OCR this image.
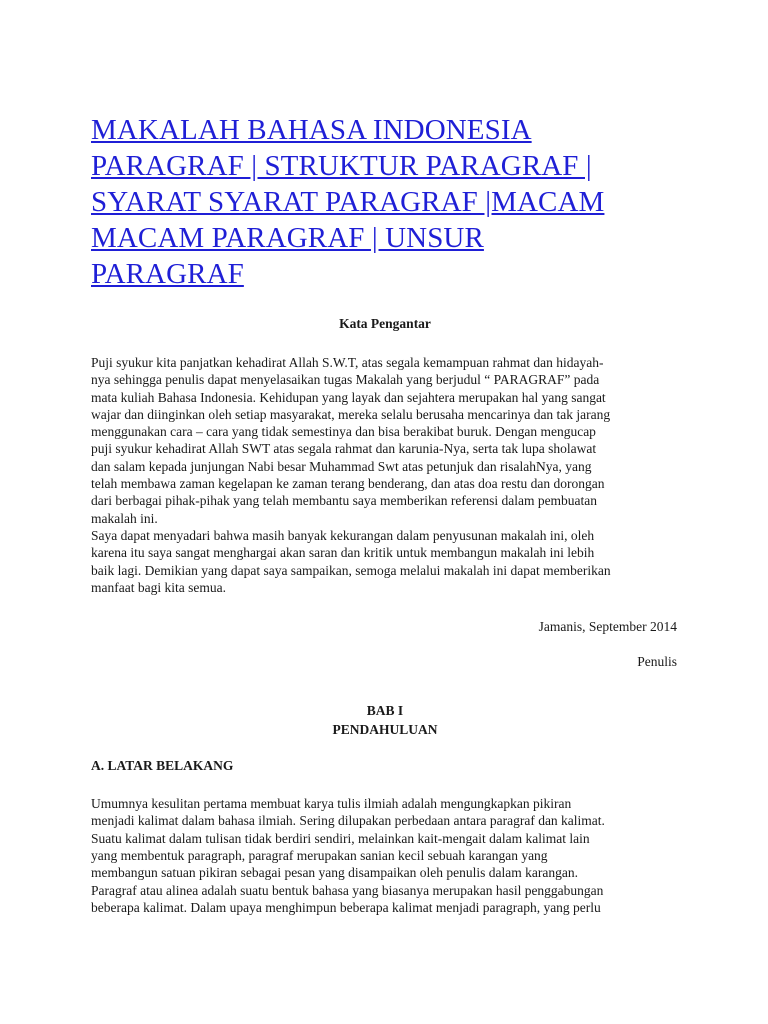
MAKALAH BAHASA INDONESIA
PARAGRAF | STRUKTUR PARAGRAF |
SYARAT SYARAT PARAGRAF |MACAM
MACAM PARAGRAF | UNSUR
PARAGRAF

Kata Pengantar

Puji syukur kita panjatkan kehadirat Allah S.W.T, atas segala kemampuan rahmat dan hidayah-
nya sehingga penulis dapat menyelasaikan tugas Makalah yang berjudul “ PARAGRAF” pada
mata kuliah Bahasa Indonesia. Kehidupan yang layak dan sejahtera merupakan hal yang sangat
wajar dan diinginkan oleh setiap masyarakat, mereka selalu berusaha mencarinya dan tak jarang
menggunakan cara – cara yang tidak semestinya dan bisa berakibat buruk. Dengan mengucap
puji syukur kehadirat Allah SWT atas segala rahmat dan karunia-Nya, serta tak lupa sholawat
dan salam kepada junjungan Nabi besar Muhammad Swt atas petunjuk dan risalahNya, yang
telah membawa zaman kegelapan ke zaman terang benderang, dan atas doa restu dan dorongan
dari berbagai pihak-pihak yang telah membantu saya memberikan referensi dalam pembuatan
makalah ini.

Saya dapat menyadari bahwa masih banyak kekurangan dalam penyusunan makalah ini, oleh
karena itu saya sangat menghargai akan saran dan kritik untuk membangun makalah ini lebih
baik lagi. Demikian yang dapat saya sampaikan, semoga melalui makalah ini dapat memberikan
manfaat bagi kita semua.

Jamanis, September 2014

Penulis

BAB I

PENDAHULUAN

A. LATAR BELAKANG

Umumnya kesulitan pertama membuat karya tulis ilmiah adalah mengungkapkan pikiran
menjadi kalimat dalam bahasa ilmiah. Sering dilupakan perbedaan antara paragraf dan kalimat.
Suatu kalimat dalam tulisan tidak berdiri sendiri, melainkan kait-mengait dalam kalimat lain
yang membentuk paragraph, paragraf merupakan sanian kecil sebuah karangan yang
membangun satuan pikiran sebagai pesan yang disampaikan oleh penulis dalam karangan.
Paragraf atau alinea adalah suatu bentuk bahasa yang biasanya merupakan hasil penggabungan
beberapa kalimat. Dalam upaya menghimpun beberapa kalimat menjadi paragraph, yang perlu
